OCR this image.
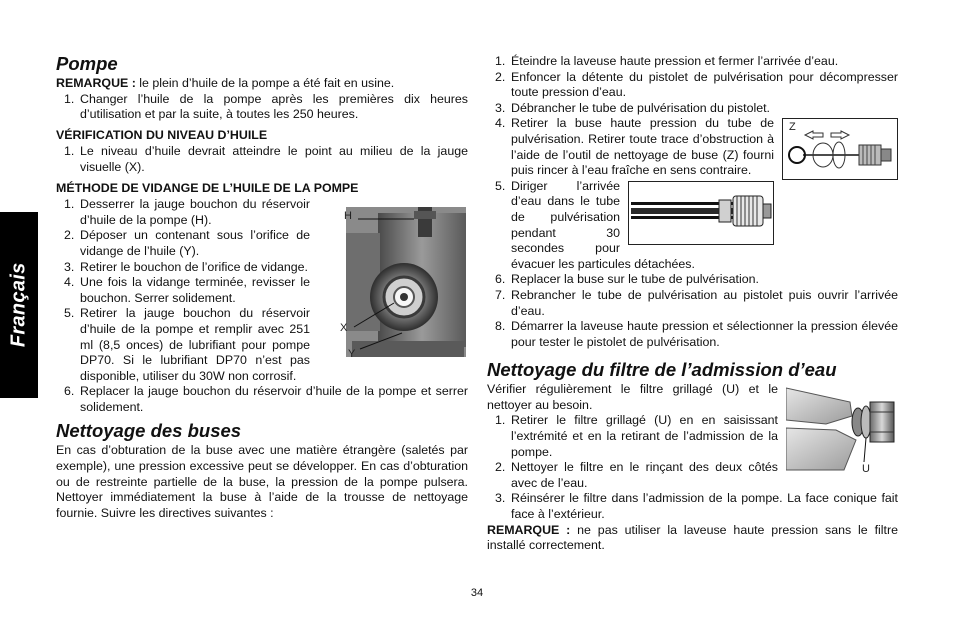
Français
Pompe

REMARQUE : le plein d’huile de la pompe a été fait en usine.

1. Changer l’huile de la pompe après les premières dix heures d’utilisation et par la suite, à toutes les 250 heures.
VÉRIFICATION DU NIVEAU D’HUILE
1. Le niveau d’huile devrait atteindre le point au milieu de la jauge visuelle (X).
MÉTHODE DE VIDANGE DE L’HUILE DE LA POMPE
H
X
Y
1. Desserrer la jauge bouchon du réservoir d’huile de la pompe (H).
2. Déposer un contenant sous l’orifice de vidange de l’huile (Y).
3. Retirer le bouchon de l’orifice de vidange.
4. Une fois la vidange terminée, revisser le bouchon. Serrer solidement.
5. Retirer la jauge bouchon du réservoir d’huile de la pompe et remplir avec 251 ml (8,5 onces) de lubrifiant pour pompe DP70. Si le lubrifiant DP70 n’est pas disponible, utiliser du 30W non corrosif.
6. Replacer la jauge bouchon du réservoir d’huile de la pompe et serrer solidement.
Nettoyage des buses

En cas d’obturation de la buse avec une matière étrangère (saletés par exemple), une pression excessive peut se développer. En cas d’obturation ou de restreinte partielle de la buse, la pression de la pompe pulsera. Nettoyer immédiatement la buse à l’aide de la trousse de nettoyage fournie. Suivre les directives suivantes :

1. Éteindre la laveuse haute pression et fermer l’arrivée d’eau.
2. Enfoncer la détente du pistolet de pulvérisation pour décompresser toute pression d’eau.
3. Débrancher le tube de pulvérisation du pistolet.
Z
4. Retirer la buse haute pression du tube de pulvérisation. Retirer toute trace d’obstruction à l’aide de l’outil de nettoyage de buse (Z) fourni puis rincer à l’eau fraîche en sens contraire.
5. Diriger l’arrivée d’eau dans le tube de pulvérisation pendant 30 secondes pour évacuer les particules détachées.
6. Replacer la buse sur le tube de pulvérisation.
7. Rebrancher le tube de pulvérisation au pistolet puis ouvrir l’arrivée d’eau.
8. Démarrer la laveuse haute pression et sélectionner la pression élevée pour tester le pistolet de pulvérisation.
Nettoyage du filtre de l’admission d’eau
U

Vérifier régulièrement le filtre grillagé (U) et le nettoyer au besoin.

1. Retirer le filtre grillagé (U) en en saisissant l’extrémité et en la retirant de l’admission de la pompe.
2. Nettoyer le filtre en le rinçant des deux côtés avec de l’eau.
3. Réinsérer le filtre dans l’admission de la pompe. La face conique fait face à l’extérieur.

REMARQUE : ne pas utiliser la laveuse haute pression sans le filtre installé correctement.

34
